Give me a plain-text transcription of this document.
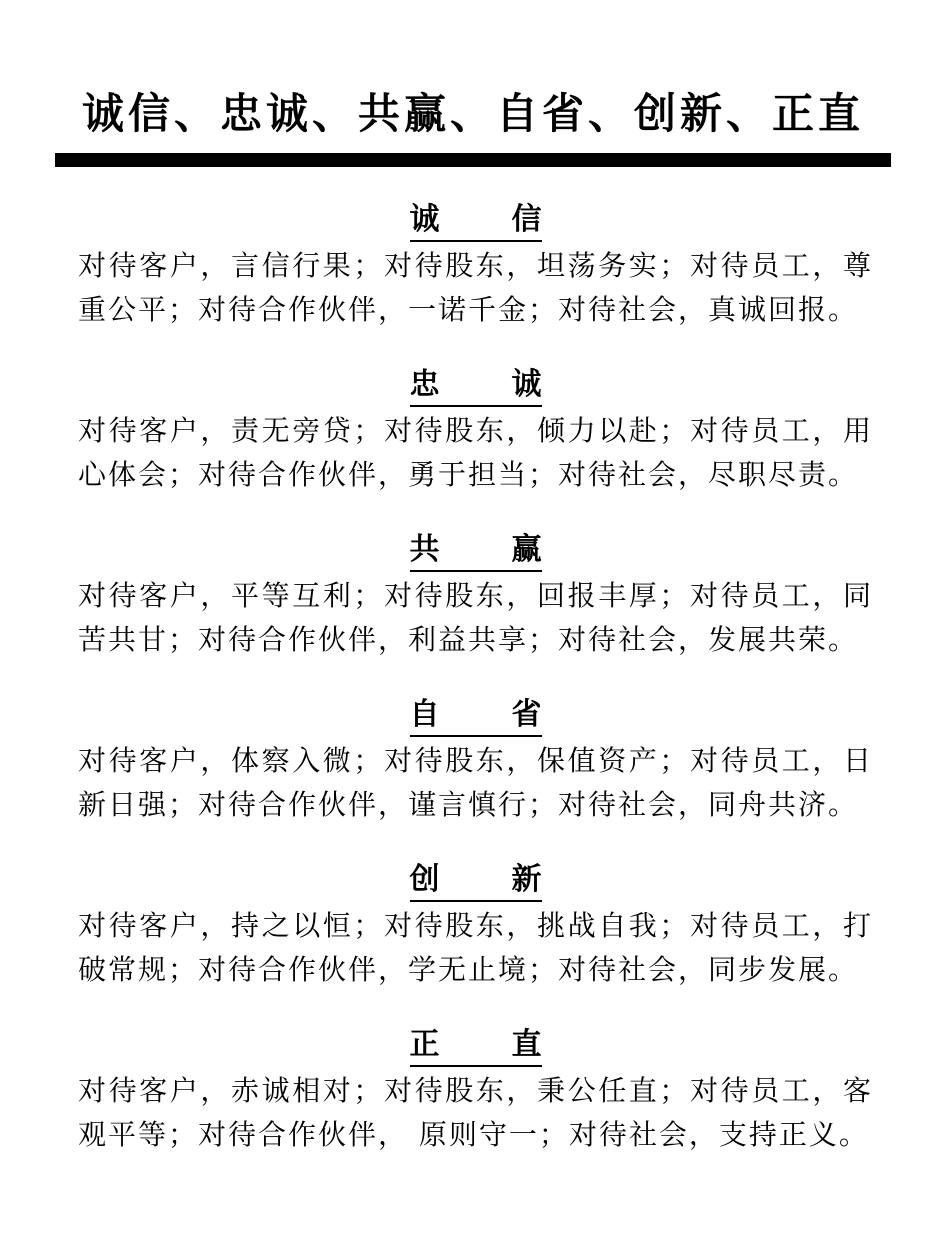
诚信、忠诚、共赢、自省、创新、正直
诚信

对待客户，言信行果；对待股东，坦荡务实；对待员工，尊重公平；对待合作伙伴，一诺千金；对待社会，真诚回报。

忠诚

对待客户，责无旁贷；对待股东，倾力以赴；对待员工，用心体会；对待合作伙伴，勇于担当；对待社会，尽职尽责。

共赢

对待客户，平等互利；对待股东，回报丰厚；对待员工，同苦共甘；对待合作伙伴，利益共享；对待社会，发展共荣。

自省

对待客户，体察入微；对待股东，保值资产；对待员工，日新日强；对待合作伙伴，谨言慎行；对待社会，同舟共济。

创新

对待客户，持之以恒；对待股东，挑战自我；对待员工，打破常规；对待合作伙伴，学无止境；对待社会，同步发展。

正直

对待客户，赤诚相对；对待股东，秉公任直；对待员工，客观平等；对待合作伙伴， 原则守一；对待社会，支持正义。
